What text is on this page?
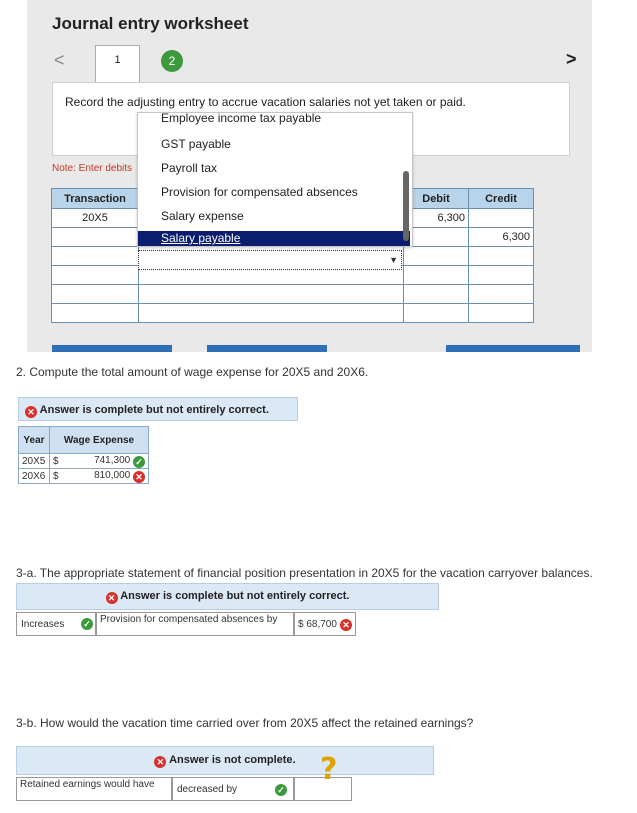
Journal entry worksheet
<	>
1	2
Record the adjusting entry to accrue vacation salaries not yet taken or paid.
Note: Enter debits
Transaction		Debit	Credit
20X5		6,300	
			6,300

▼
Employee income tax payable
GST payable
Payroll tax
Provision for compensated absences
Salary expense
Salary payable
2. Compute the total amount of wage expense for 20X5 and 20X6.
✕ Answer is complete but not entirely correct.
Year	Wage Expense	
20X5	$	741,300 ✓
20X6	$	810,000 ✕
3-a. The appropriate statement of financial position presentation in 20X5 for the vacation carryover balances.
✕ Answer is complete but not entirely correct.
Increases	✓ Provision for compensated absences by	$ 68,700 ✕
3-b. How would the vacation time carried over from 20X5 affect the retained earnings?
✕ Answer is not complete.
Retained earnings would have	decreased by	✓
?
